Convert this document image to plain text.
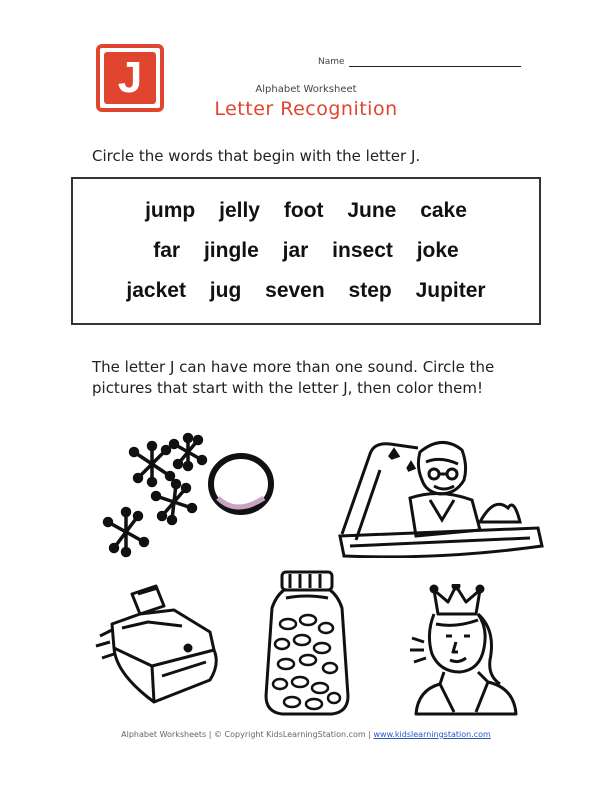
J	Name
Alphabet Worksheet
Letter Recognition
Circle the words that begin with the letter J.
jump jelly foot June cake
far jingle jar insect joke
jacket jug seven step Jupiter
The letter J can have more than one sound. Circle the pictures that start with the letter J, then color them!
Alphabet Worksheets | © Copyright KidsLearningStation.com | www.kidslearningstation.com
